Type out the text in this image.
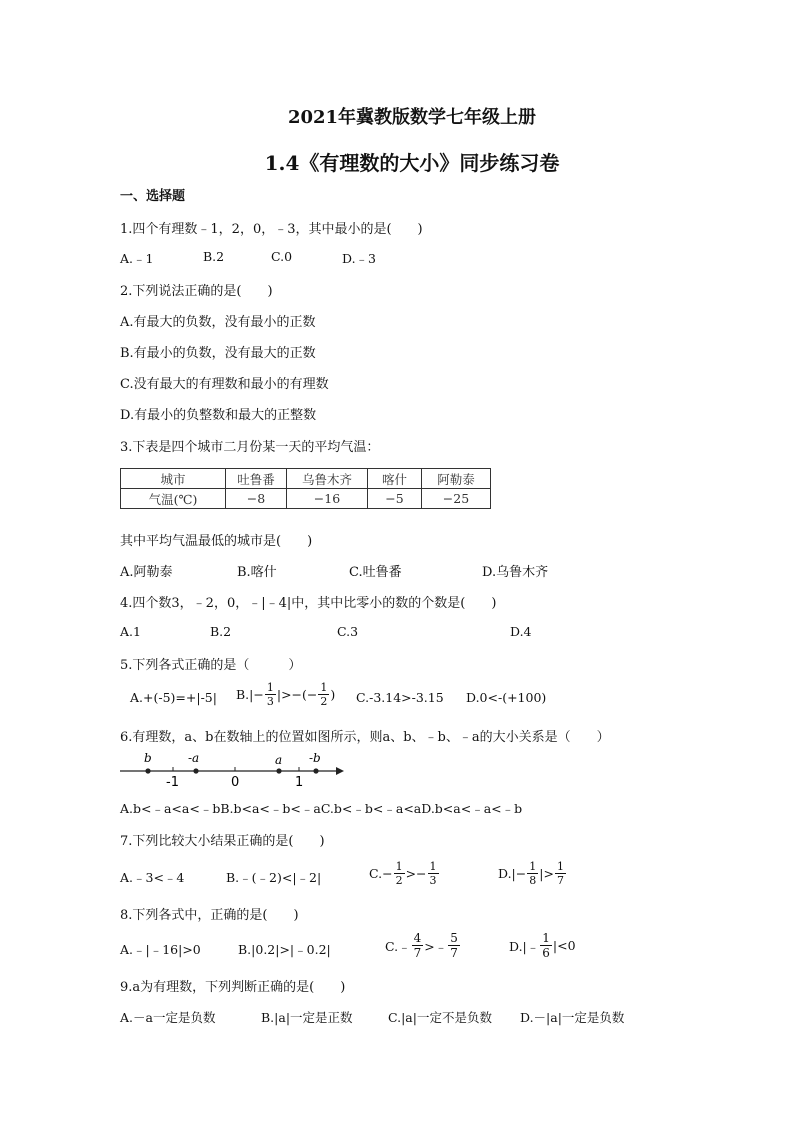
2021年冀教版数学七年级上册
1.4《有理数的大小》同步练习卷
一、选择题
1.四个有理数﹣1，2，0，﹣3，其中最小的是(　　)
A.﹣1	B.2	C.0	D.﹣3
2.下列说法正确的是(　　)
A.有最大的负数，没有最小的正数
B.有最小的负数，没有最大的正数
C.没有最大的有理数和最小的有理数
D.有最小的负整数和最大的正整数
3.下表是四个城市二月份某一天的平均气温：
城市	吐鲁番	乌鲁木齐	喀什	阿勒泰
气温(℃)	−8	−16	−5	−25
其中平均气温最低的城市是(　　)
A.阿勒泰	B.喀什	C.吐鲁番	D.乌鲁木齐
4.四个数3，﹣2，0，﹣|﹣4|中，其中比零小的数的个数是(　　)
A.1	B.2	C.3	D.4
5.下列各式正确的是（　　　）
A.+(-5)=+|-5| $B.|- \frac{1}{3}$ |>−(− $\frac{1}{2}$ ) C.-3.14>-3.15 D.0<-(+100)
6.有理数，a、b在数轴上的位置如图所示，则a、b、﹣b、﹣a的大小关系是（　　）
b	-a	a -b
-1	0	1
A.b<﹣a<a<﹣bB.b<a<﹣b<﹣aC.b<﹣b<﹣a<aD.b<a<﹣a<﹣b
7.下列比较大小结果正确的是(　　)
A.﹣3<﹣4	B.﹣(﹣2)<|﹣2|	$C.- \frac{1}{2} >- \frac{1}{3}$	$D.|- \frac{1}{8}$ |> $\frac{1}{7}$
8.下列各式中，正确的是(　　)
A.﹣|﹣16|>0	B.|0.2|>|﹣0.2|	C.﹣ $\frac{4}{7}$ >﹣ $\frac{5}{7}$	D.|﹣ $\frac{1}{6} |<0$
9.a为有理数，下列判断正确的是(　　)
A.－a一定是负数	B.|a|一定是正数	C.|a|一定不是负数 D.－|a|一定是负数
